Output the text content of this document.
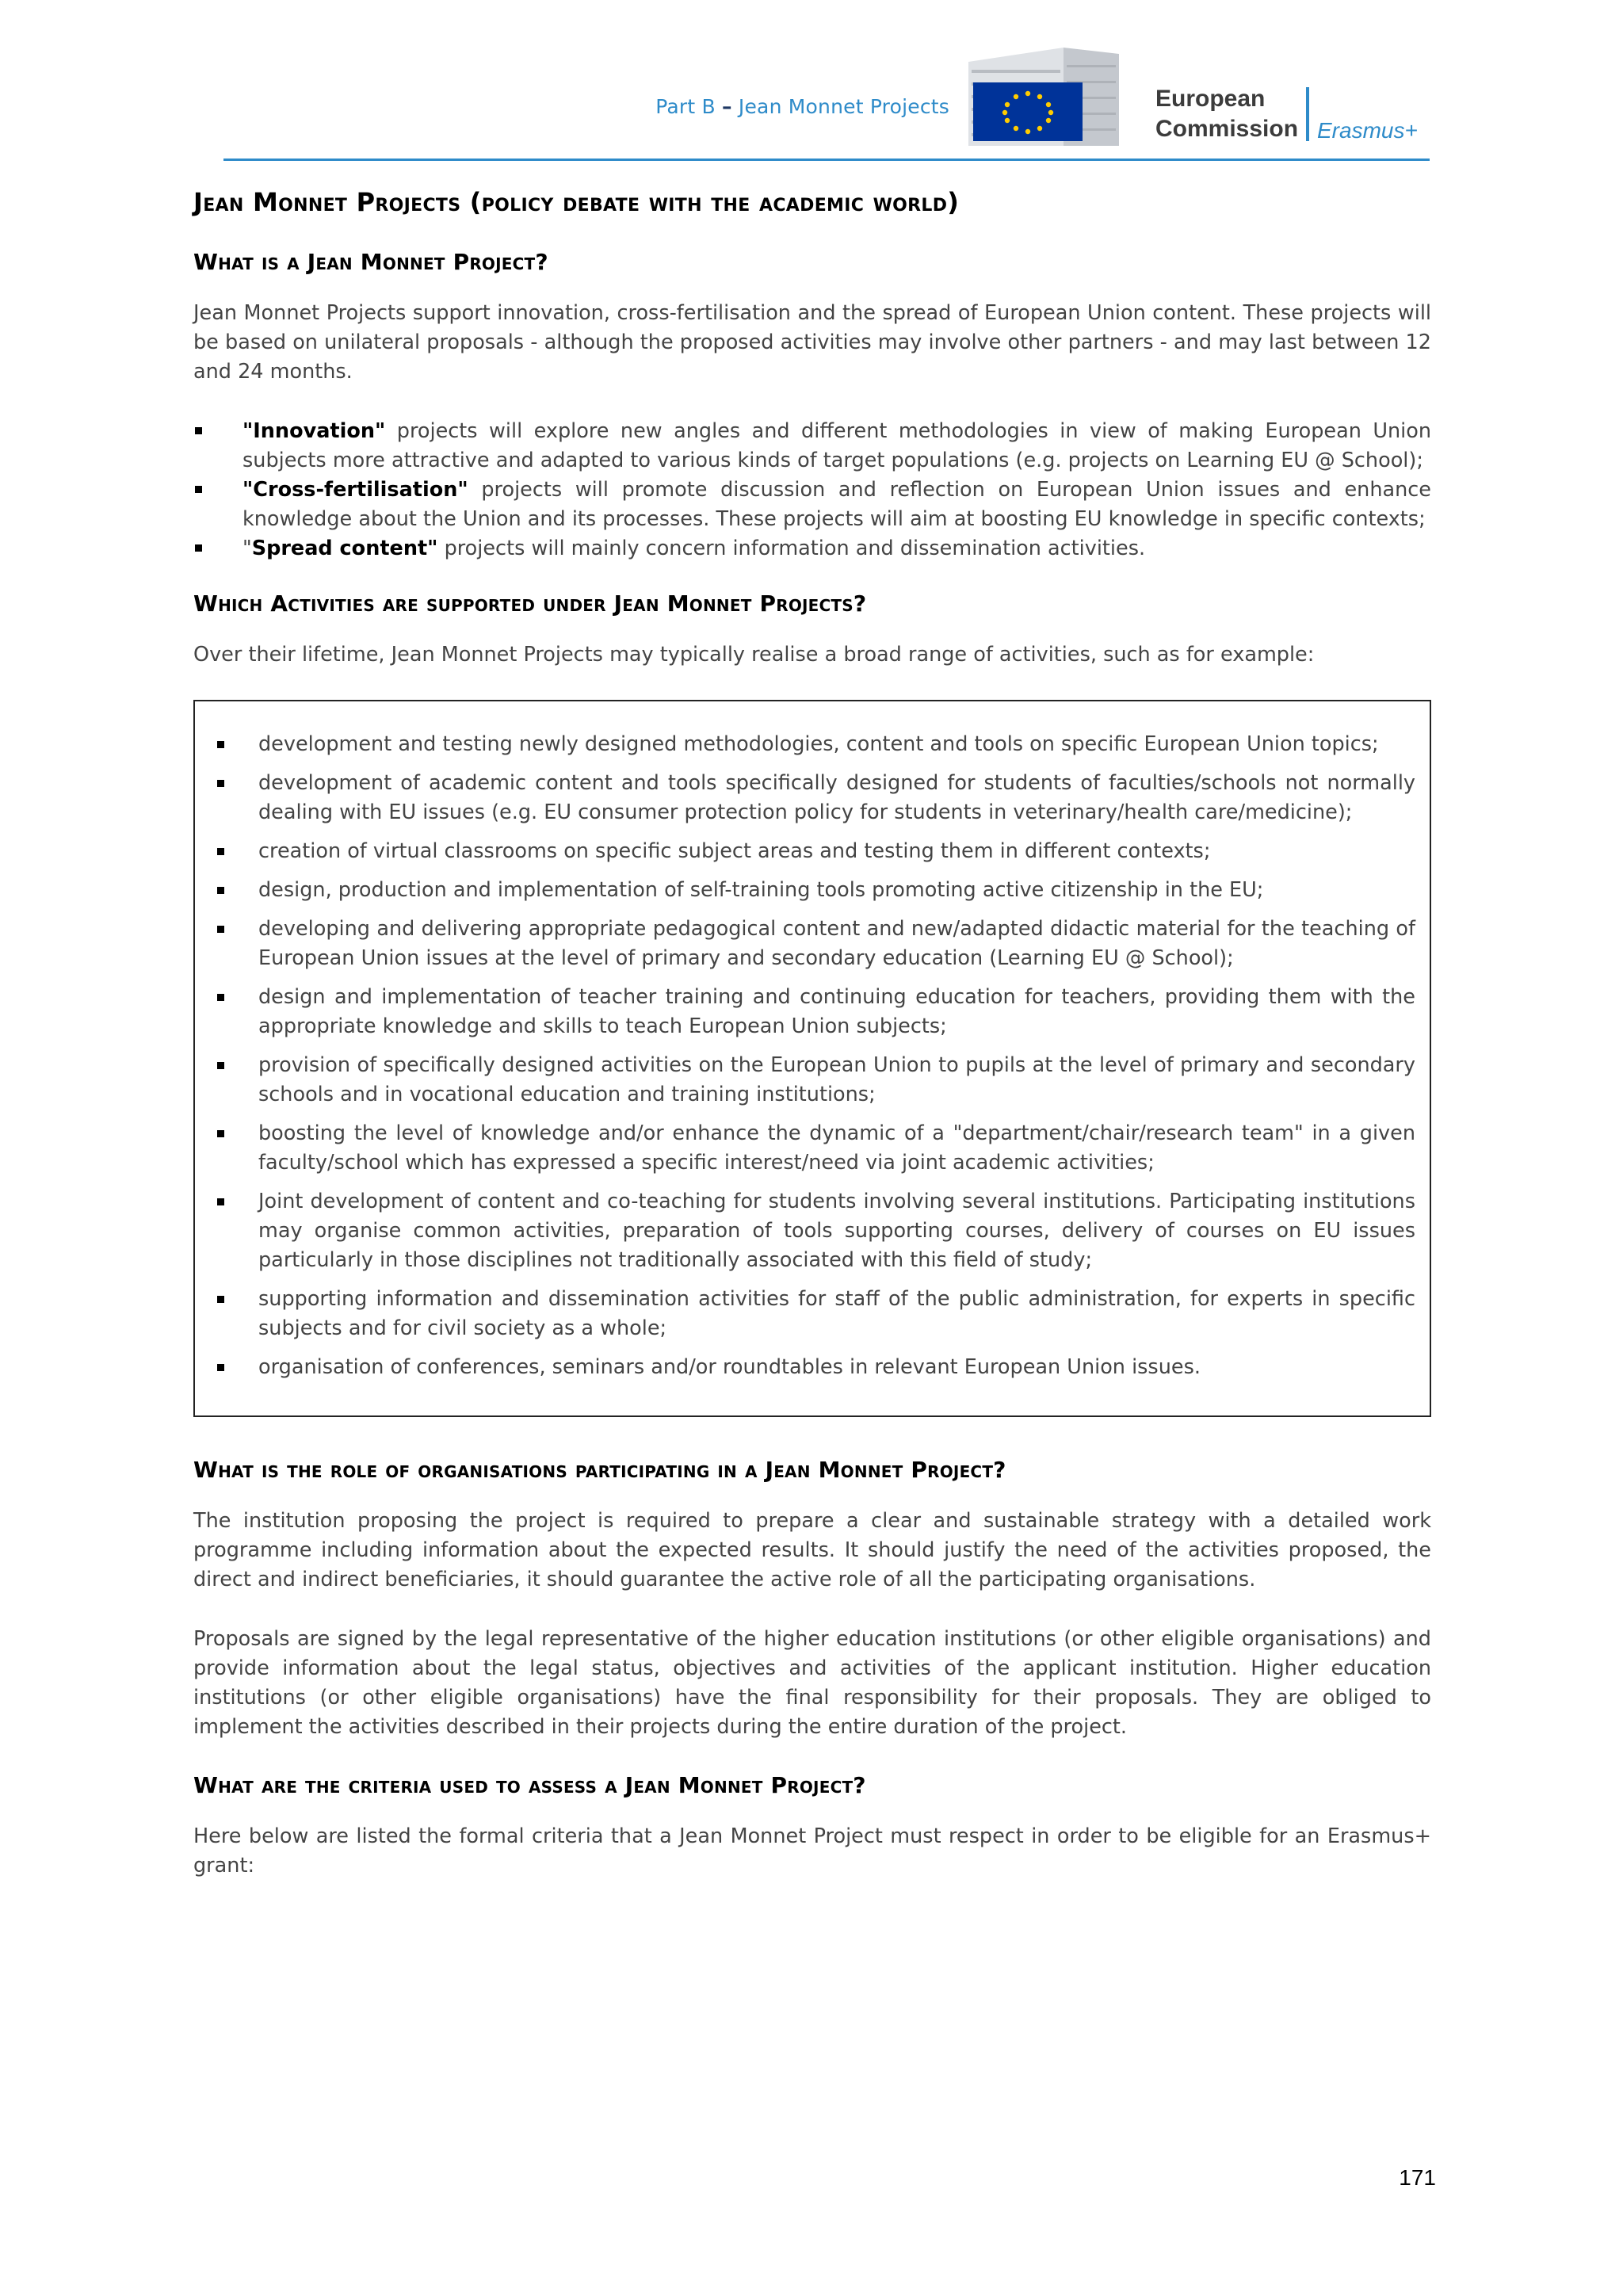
Part B – Jean Monnet Projects	European
Commission Erasmus+
Jean Monnet Projects (policy debate with the academic world)
What is a Jean Monnet Project?

Jean Monnet Projects support innovation, cross-fertilisation and the spread of European Union content. These projects will be based on unilateral proposals - although the proposed activities may involve other partners - and may last between 12 and 24 months.

"Innovation" projects will explore new angles and different methodologies in view of making European Union subjects more attractive and adapted to various kinds of target populations (e.g. projects on Learning EU @ School);
"Cross-fertilisation" projects will promote discussion and reflection on European Union issues and enhance knowledge about the Union and its processes. These projects will aim at boosting EU knowledge in specific contexts;
"Spread content" projects will mainly concern information and dissemination activities.
Which Activities are supported under Jean Monnet Projects?

Over their lifetime, Jean Monnet Projects may typically realise a broad range of activities, such as for example:

development and testing newly designed methodologies, content and tools on specific European Union topics;
development of academic content and tools specifically designed for students of faculties/schools not normally dealing with EU issues (e.g. EU consumer protection policy for students in veterinary/health care/medicine);
creation of virtual classrooms on specific subject areas and testing them in different contexts;
design, production and implementation of self-training tools promoting active citizenship in the EU;
developing and delivering appropriate pedagogical content and new/adapted didactic material for the teaching of European Union issues at the level of primary and secondary education (Learning EU @ School);
design and implementation of teacher training and continuing education for teachers, providing them with the appropriate knowledge and skills to teach European Union subjects;
provision of specifically designed activities on the European Union to pupils at the level of primary and secondary schools and in vocational education and training institutions;
boosting the level of knowledge and/or enhance the dynamic of a "department/chair/research team" in a given faculty/school which has expressed a specific interest/need via joint academic activities;
Joint development of content and co-teaching for students involving several institutions. Participating institutions may organise common activities, preparation of tools supporting courses, delivery of courses on EU issues particularly in those disciplines not traditionally associated with this field of study;
supporting information and dissemination activities for staff of the public administration, for experts in specific subjects and for civil society as a whole;
organisation of conferences, seminars and/or roundtables in relevant European Union issues.
What is the role of organisations participating in a Jean Monnet Project?

The institution proposing the project is required to prepare a clear and sustainable strategy with a detailed work programme including information about the expected results. It should justify the need of the activities proposed, the direct and indirect beneficiaries, it should guarantee the active role of all the participating organisations.

Proposals are signed by the legal representative of the higher education institutions (or other eligible organisations) and provide information about the legal status, objectives and activities of the applicant institution. Higher education institutions (or other eligible organisations) have the final responsibility for their proposals. They are obliged to implement the activities described in their projects during the entire duration of the project.

What are the criteria used to assess a Jean Monnet Project?

Here below are listed the formal criteria that a Jean Monnet Project must respect in order to be eligible for an Erasmus+ grant:

171
